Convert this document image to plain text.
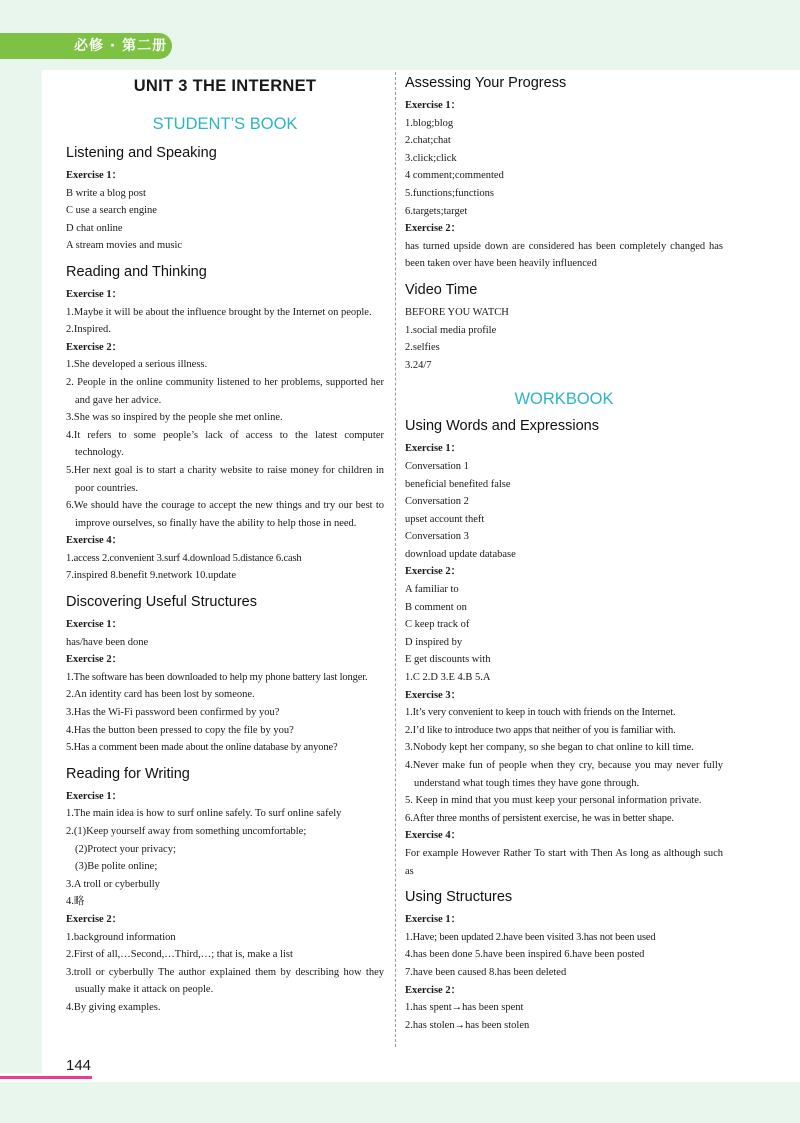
必修 · 第二册
144
UNIT 3 THE INTERNET
STUDENT’S BOOK
Listening and Speaking
Exercise 1：
B write a blog post
C use a search engine
D chat online
A stream movies and music
Reading and Thinking
Exercise 1：
1.Maybe it will be about the influence brought by the Internet on people.
2.Inspired.
Exercise 2：
1.She developed a serious illness.
2. People in the online community listened to her problems, supported her and gave her advice.
3.She was so inspired by the people she met online.
4.It refers to some people’s lack of access to the latest computer technology.
5.Her next goal is to start a charity website to raise money for children in poor countries.
6.We should have the courage to accept the new things and try our best to improve ourselves, so finally have the ability to help those in need.
Exercise 4：
1.access 2.convenient 3.surf 4.download 5.distance 6.cash
7.inspired 8.benefit 9.network 10.update
Discovering Useful Structures
Exercise 1：
has/have been done
Exercise 2：
1.The software has been downloaded to help my phone battery last longer.
2.An identity card has been lost by someone.
3.Has the Wi-Fi password been confirmed by you?
4.Has the button been pressed to copy the file by you?
5.Has a comment been made about the online database by anyone?
Reading for Writing
Exercise 1：
1.The main idea is how to surf online safely. To surf online safely
2.(1)Keep yourself away from something uncomfortable;
(2)Protect your privacy;
(3)Be polite online;
3.A troll or cyberbully
4.略
Exercise 2：
1.background information
2.First of all,…Second,…Third,…; that is, make a list
3.troll or cyberbully The author explained them by describing how they usually make it attack on people.
4.By giving examples.
Assessing Your Progress
Exercise 1：
1.blog;blog
2.chat;chat
3.click;click
4 comment;commented
5.functions;functions
6.targets;target
Exercise 2：
has turned upside down are considered has been completely changed has been taken over have been heavily influenced
Video Time
BEFORE YOU WATCH
1.social media profile
2.selfies
3.24/7
WORKBOOK
Using Words and Expressions
Exercise 1：
Conversation 1
beneficial benefited false
Conversation 2
upset account theft
Conversation 3
download update database
Exercise 2：
A familiar to
B comment on
C keep track of
D inspired by
E get discounts with
1.C 2.D 3.E 4.B 5.A
Exercise 3：
1.It’s very convenient to keep in touch with friends on the Internet.
2.I’d like to introduce two apps that neither of you is familiar with.
3.Nobody kept her company, so she began to chat online to kill time.
4.Never make fun of people when they cry, because you may never fully understand what tough times they have gone through.
5. Keep in mind that you must keep your personal information private.
6.After three months of persistent exercise, he was in better shape.
Exercise 4：
For example However Rather To start with Then As long as although such as
Using Structures
Exercise 1：
1.Have; been updated 2.have been visited 3.has not been used
4.has been done 5.have been inspired 6.have been posted
7.have been caused 8.has been deleted
Exercise 2：
1.has spent→has been spent
2.has stolen→has been stolen
